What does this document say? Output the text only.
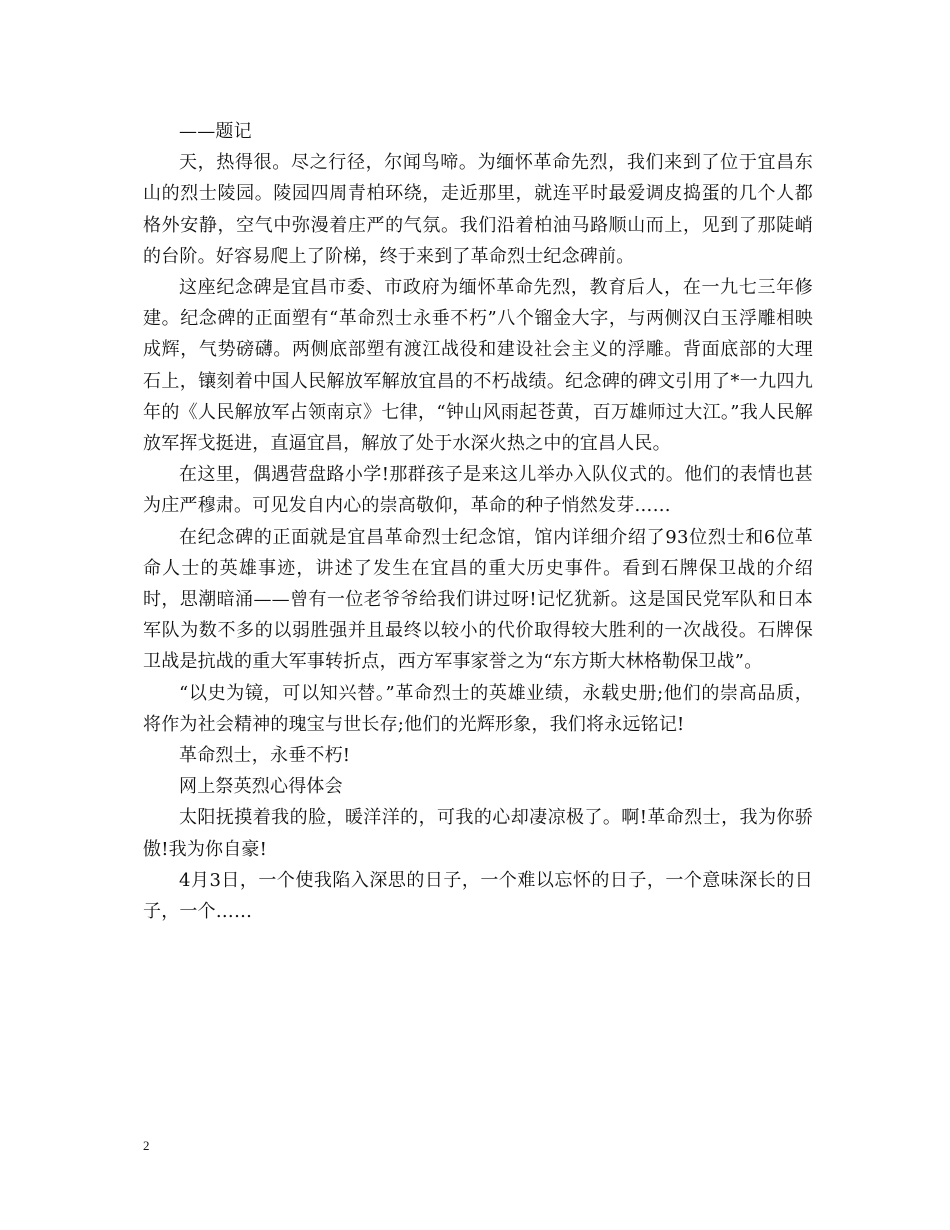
——题记

天，热得很。尽之行径，尔闻鸟啼。为缅怀革命先烈，我们来到了位于宜昌东山的烈士陵园。陵园四周青柏环绕，走近那里，就连平时最爱调皮捣蛋的几个人都格外安静，空气中弥漫着庄严的气氛。我们沿着柏油马路顺山而上，见到了那陡峭的台阶。好容易爬上了阶梯，终于来到了革命烈士纪念碑前。

这座纪念碑是宜昌市委、市政府为缅怀革命先烈，教育后人，在一九七三年修建。纪念碑的正面塑有“革命烈士永垂不朽”八个镏金大字，与两侧汉白玉浮雕相映成辉，气势磅礴。两侧底部塑有渡江战役和建设社会主义的浮雕。背面底部的大理石上，镶刻着中国人民解放军解放宜昌的不朽战绩。纪念碑的碑文引用了*一九四九年的《人民解放军占领南京》七律，“钟山风雨起苍黄，百万雄师过大江。”我人民解放军挥戈挺进，直逼宜昌，解放了处于水深火热之中的宜昌人民。

在这里，偶遇营盘路小学!那群孩子是来这儿举办入队仪式的。他们的表情也甚为庄严穆肃。可见发自内心的崇高敬仰，革命的种子悄然发芽……

在纪念碑的正面就是宜昌革命烈士纪念馆，馆内详细介绍了93位烈士和6位革命人士的英雄事迹，讲述了发生在宜昌的重大历史事件。看到石牌保卫战的介绍时，思潮暗涌——曾有一位老爷爷给我们讲过呀!记忆犹新。这是国民党军队和日本军队为数不多的以弱胜强并且最终以较小的代价取得较大胜利的一次战役。石牌保卫战是抗战的重大军事转折点，西方军事家誉之为“东方斯大林格勒保卫战”。

“以史为镜，可以知兴替。”革命烈士的英雄业绩，永载史册;他们的崇高品质，将作为社会精神的瑰宝与世长存;他们的光辉形象，我们将永远铭记!

革命烈士，永垂不朽!

网上祭英烈心得体会

太阳抚摸着我的脸，暖洋洋的，可我的心却凄凉极了。啊!革命烈士，我为你骄傲!我为你自豪!

4月3日，一个使我陷入深思的日子，一个难以忘怀的日子，一个意味深长的日子，一个……

2
